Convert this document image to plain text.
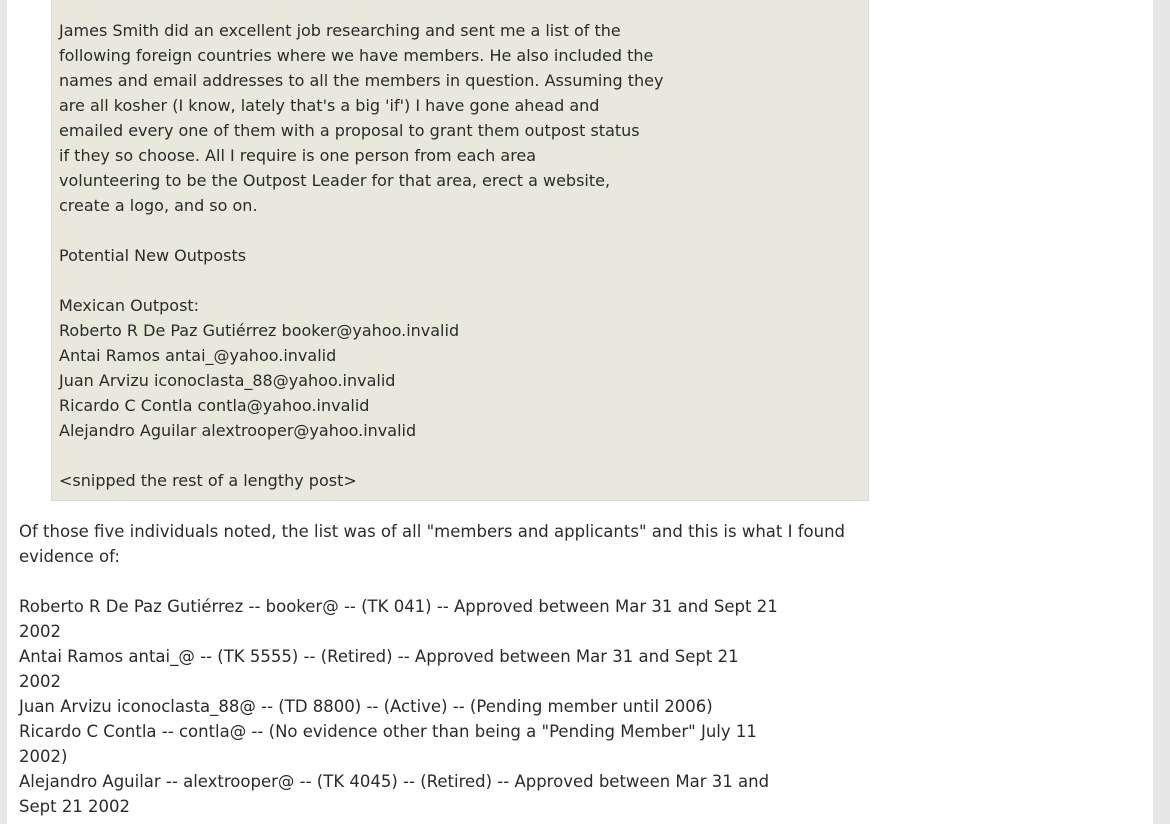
James Smith did an excellent job researching and sent me a list of the
following foreign countries where we have members. He also included the
names and email addresses to all the members in question. Assuming they
are all kosher (I know, lately that's a big 'if') I have gone ahead and
emailed every one of them with a proposal to grant them outpost status
if they so choose. All I require is one person from each area
volunteering to be the Outpost Leader for that area, erect a website,
create a logo, and so on.
Potential New Outposts
Mexican Outpost:
Roberto R De Paz Gutiérrez booker@yahoo.invalid
Antai Ramos antai_@yahoo.invalid
Juan Arvizu iconoclasta_88@yahoo.invalid
Ricardo C Contla contla@yahoo.invalid
Alejandro Aguilar alextrooper@yahoo.invalid
<snipped the rest of a lengthy post>

Of those five individuals noted, the list was of all "members and applicants" and this is what I found evidence of:

Roberto R De Paz Gutiérrez -- booker@ -- (TK 041) -- Approved between Mar 31 and Sept 21
2002
Antai Ramos antai_@ -- (TK 5555) -- (Retired) -- Approved between Mar 31 and Sept 21
2002
Juan Arvizu iconoclasta_88@ -- (TD 8800) -- (Active) -- (Pending member until 2006)
Ricardo C Contla -- contla@ -- (No evidence other than being a "Pending Member" July 11
2002)
Alejandro Aguilar -- alextrooper@ -- (TK 4045) -- (Retired) -- Approved between Mar 31 and
Sept 21 2002
